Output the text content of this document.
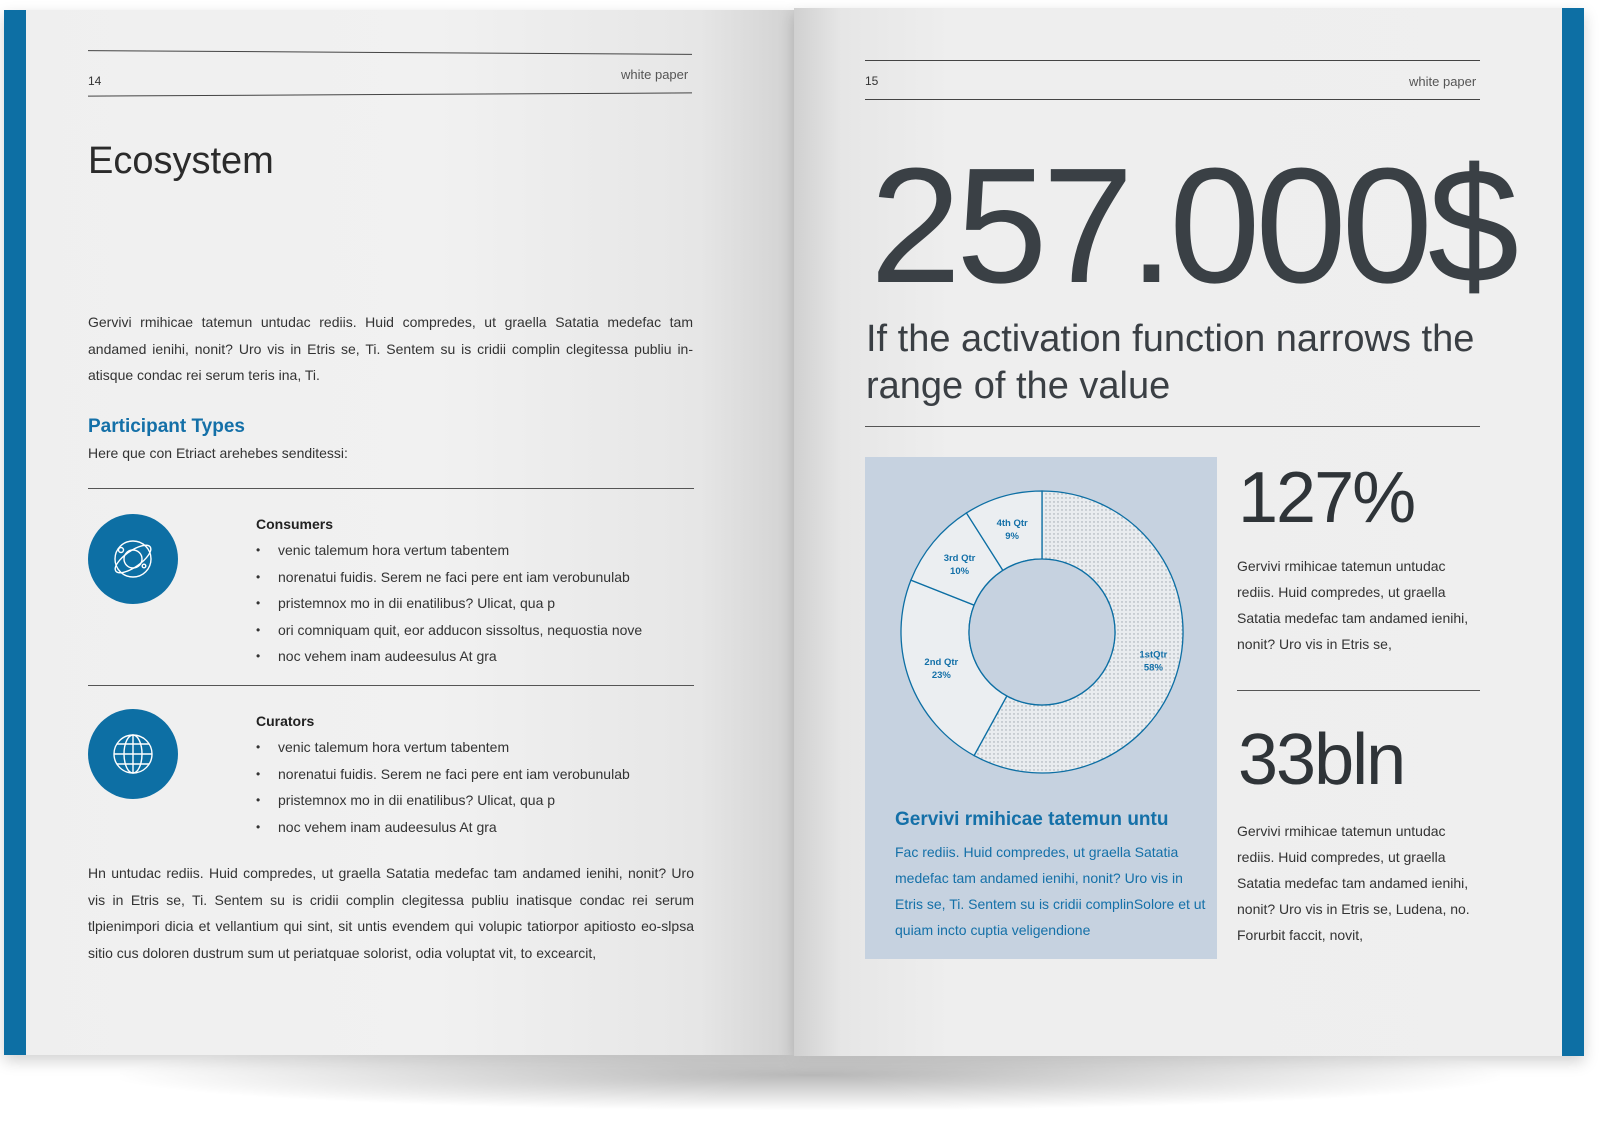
14	white paper
Ecosystem
Gervivi rmihicae tatemun untudac rediis. Huid compredes, ut graella Satatia medefac tam andamed ienihi, nonit? Uro vis in Etris se, Ti. Sentem su is cridii complin clegitessa publiu in-atisque condac rei serum teris ina, Ti.
Participant Types
Here que con Etriact arehebes senditessi:
Consumers
• venic talemum hora vertum tabentem
• norenatui fuidis. Serem ne faci pere ent iam verobunulab
• pristemnox mo in dii enatilibus? Ulicat, qua p
• ori comniquam quit, eor adducon sissoltus, nequostia nove
• noc vehem inam audeesulus At gra
Curators
• venic talemum hora vertum tabentem
• norenatui fuidis. Serem ne faci pere ent iam verobunulab
• pristemnox mo in dii enatilibus? Ulicat, qua p
• noc vehem inam audeesulus At gra
Hn untudac rediis. Huid compredes, ut graella Satatia medefac tam andamed ienihi, nonit? Uro vis in Etris se, Ti. Sentem su is cridii complin clegitessa publiu inatisque condac rei serum tlpienimpori dicia et vellantium qui sint, sit untis evendem qui volupic tatiorpor apitiosto eo-slpsa sitio cus doloren dustrum sum ut periatquae solorist, odia voluptat vit, to excearcit,
15	white paper
257.000$
If the activation function narrows the range of the value
1stQtr
58%
2nd Qtr
23%
3rd Qtr
10%
4th Qtr
9%
Gervivi rmihicae tatemun untu
Fac rediis. Huid compredes, ut graella Satatia medefac tam andamed ienihi, nonit? Uro vis in Etris se, Ti. Sentem su is cridii complinSolore et ut quiam incto cuptia veligendione
127%
Gervivi rmihicae tatemun untudac rediis. Huid compredes, ut graella Satatia medefac tam andamed ienihi, nonit? Uro vis in Etris se,
33bln
Gervivi rmihicae tatemun untudac rediis. Huid compredes, ut graella Satatia medefac tam andamed ienihi, nonit? Uro vis in Etris se, Ludena, no. Forurbit faccit, novit,
